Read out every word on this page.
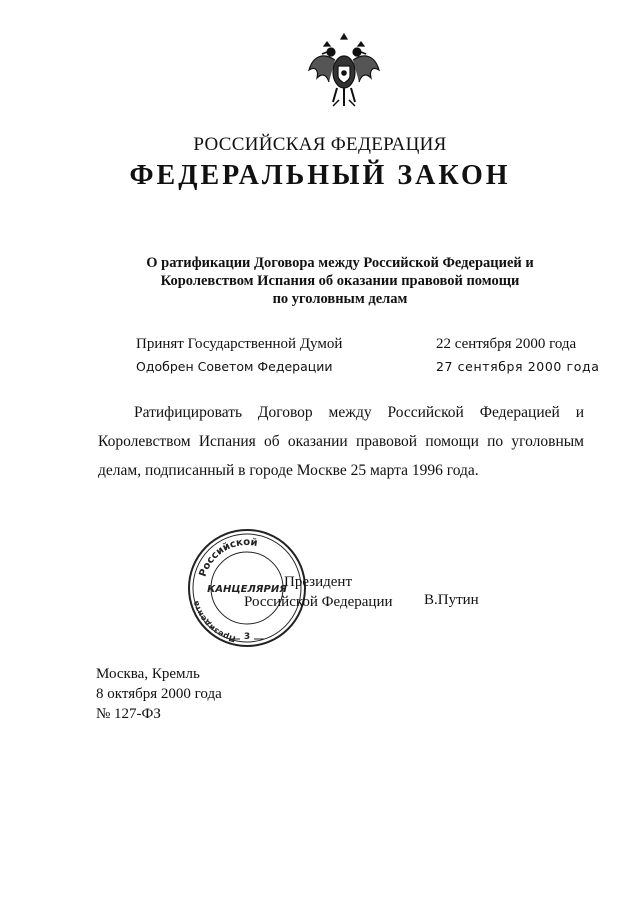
РОССИЙСКАЯ ФЕДЕРАЦИЯ
ФЕДЕРАЛЬНЫЙ ЗАКОН
О ратификации Договора между Российской Федерацией и
Королевством Испания об оказании правовой помощи
по уголовным делам
Принят Государственной Думой	22 сентября 2000 года
Одобрен Советом Федерации	27 сентября 2000 года
Ратифицировать Договор между Российской Федерацией и
Королевством Испания об оказании правовой помощи по уголовным
делам, подписанный в городе Москве 25 марта 1996 года.
Российской
Президента
КАНЦЕЛЯРИЯ
3
Президент
Российской Федерации В.Путин
Москва, Кремль
8 октября 2000 года
№ 127-ФЗ
